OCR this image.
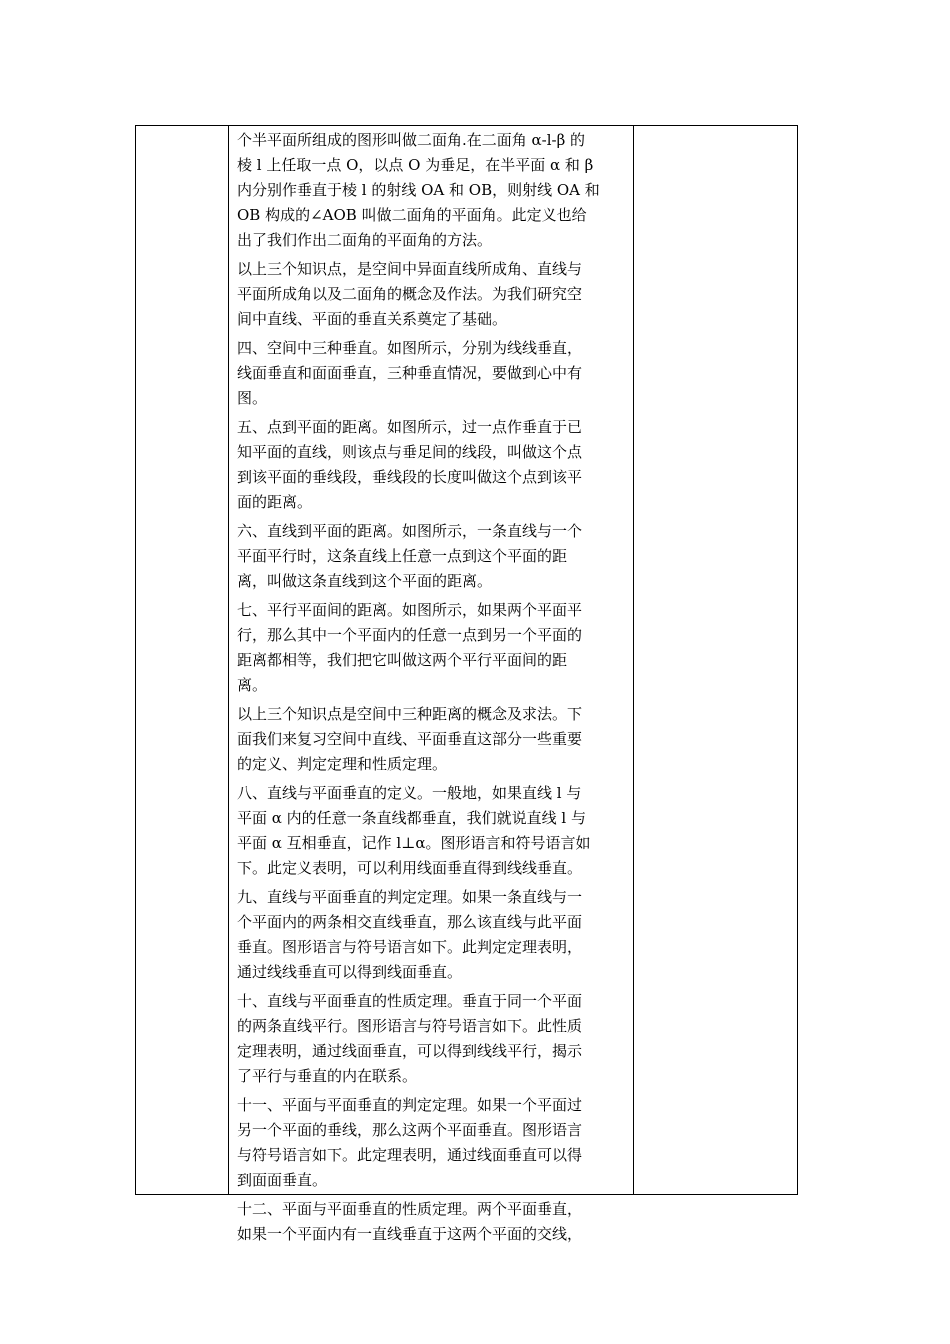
个半平面所组成的图形叫做二面角.在二面角 α-l-β 的
棱 l 上任取一点 O，以点 O 为垂足，在半平面 α 和 β
内分别作垂直于棱 l 的射线 OA 和 OB，则射线 OA 和
OB 构成的∠AOB 叫做二面角的平面角。此定义也给
出了我们作出二面角的平面角的方法。

以上三个知识点，是空间中异面直线所成角、直线与
平面所成角以及二面角的概念及作法。为我们研究空
间中直线、平面的垂直关系奠定了基础。

四、空间中三种垂直。如图所示，分别为线线垂直，
线面垂直和面面垂直，三种垂直情况，要做到心中有
图。

五、点到平面的距离。如图所示，过一点作垂直于已
知平面的直线，则该点与垂足间的线段，叫做这个点
到该平面的垂线段，垂线段的长度叫做这个点到该平
面的距离。

六、直线到平面的距离。如图所示，一条直线与一个
平面平行时，这条直线上任意一点到这个平面的距
离，叫做这条直线到这个平面的距离。

七、平行平面间的距离。如图所示，如果两个平面平
行，那么其中一个平面内的任意一点到另一个平面的
距离都相等，我们把它叫做这两个平行平面间的距
离。

以上三个知识点是空间中三种距离的概念及求法。下
面我们来复习空间中直线、平面垂直这部分一些重要
的定义、判定定理和性质定理。

八、直线与平面垂直的定义。一般地，如果直线 l 与
平面 α 内的任意一条直线都垂直，我们就说直线 l 与
平面 α 互相垂直，记作 l⊥α。图形语言和符号语言如
下。此定义表明，可以利用线面垂直得到线线垂直。

九、直线与平面垂直的判定定理。如果一条直线与一
个平面内的两条相交直线垂直，那么该直线与此平面
垂直。图形语言与符号语言如下。此判定定理表明，
通过线线垂直可以得到线面垂直。

十、直线与平面垂直的性质定理。垂直于同一个平面
的两条直线平行。图形语言与符号语言如下。此性质
定理表明，通过线面垂直，可以得到线线平行，揭示
了平行与垂直的内在联系。

十一、平面与平面垂直的判定定理。如果一个平面过
另一个平面的垂线，那么这两个平面垂直。图形语言
与符号语言如下。此定理表明，通过线面垂直可以得
到面面垂直。

十二、平面与平面垂直的性质定理。两个平面垂直，
如果一个平面内有一直线垂直于这两个平面的交线，
